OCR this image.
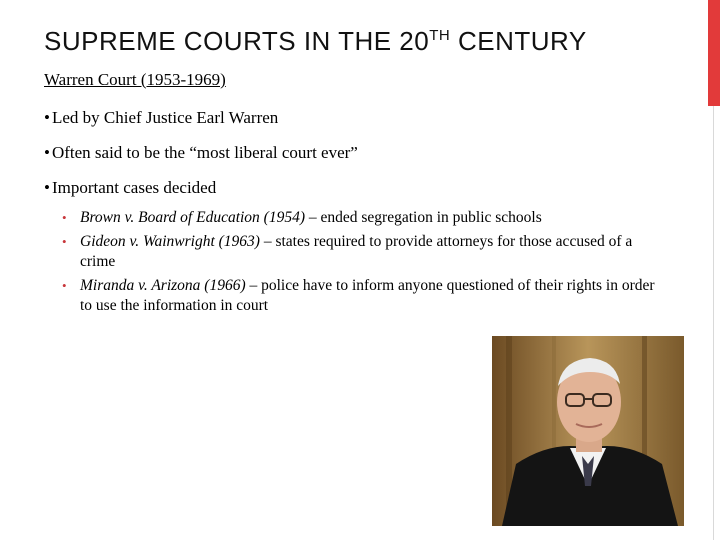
SUPREME COURTS IN THE 20TH CENTURY
Warren Court (1953-1969)
• Led by Chief Justice Earl Warren
• Often said to be the “most liberal court ever”
• Important cases decided
• Brown v. Board of Education (1954) – ended segregation in public schools
• Gideon v. Wainwright (1963) – states required to provide attorneys for those accused of a crime
• Miranda v. Arizona (1966) – police have to inform anyone questioned of their rights in order to use the information in court
